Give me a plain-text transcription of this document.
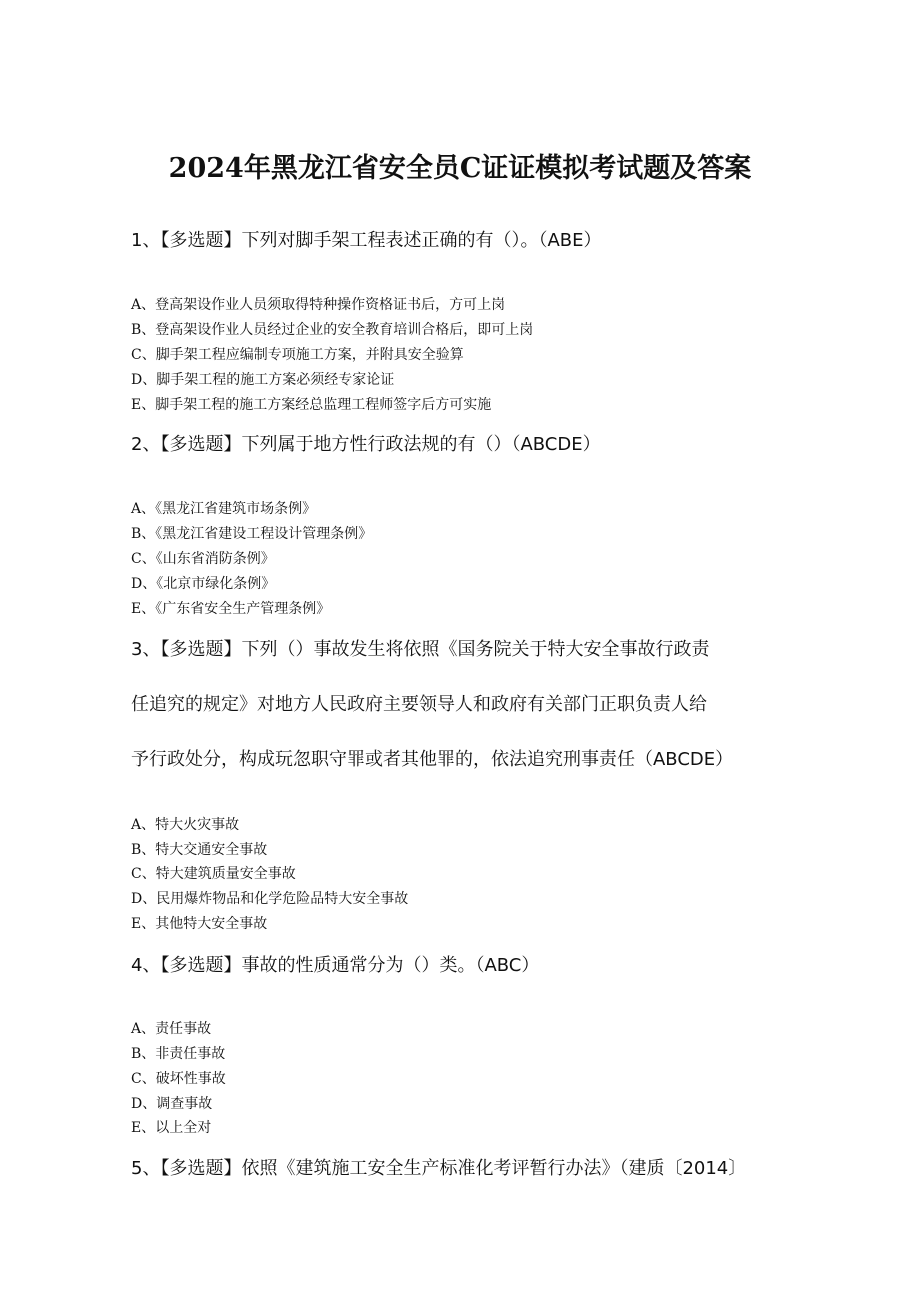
2024年黑龙江省安全员C证证模拟考试题及答案

1、【多选题】下列对脚手架工程表述正确的有（）。（ABE）

A、登高架设作业人员须取得特种操作资格证书后，方可上岗

B、登高架设作业人员经过企业的安全教育培训合格后，即可上岗

C、脚手架工程应编制专项施工方案，并附具安全验算

D、脚手架工程的施工方案必须经专家论证

E、脚手架工程的施工方案经总监理工程师签字后方可实施

2、【多选题】下列属于地方性行政法规的有（）（ABCDE）

A、《黑龙江省建筑市场条例》

B、《黑龙江省建设工程设计管理条例》

C、《山东省消防条例》

D、《北京市绿化条例》

E、《广东省安全生产管理条例》

3、【多选题】下列（）事故发生将依照《国务院关于特大安全事故行政责

任追究的规定》对地方人民政府主要领导人和政府有关部门正职负责人给

予行政处分，构成玩忽职守罪或者其他罪的，依法追究刑事责任（ABCDE）

A、特大火灾事故

B、特大交通安全事故

C、特大建筑质量安全事故

D、民用爆炸物品和化学危险品特大安全事故

E、其他特大安全事故

4、【多选题】事故的性质通常分为（）类。（ABC）

A、责任事故

B、非责任事故

C、破坏性事故

D、调查事故

E、以上全对

5、【多选题】依照《建筑施工安全生产标准化考评暂行办法》（建质〔2014〕
